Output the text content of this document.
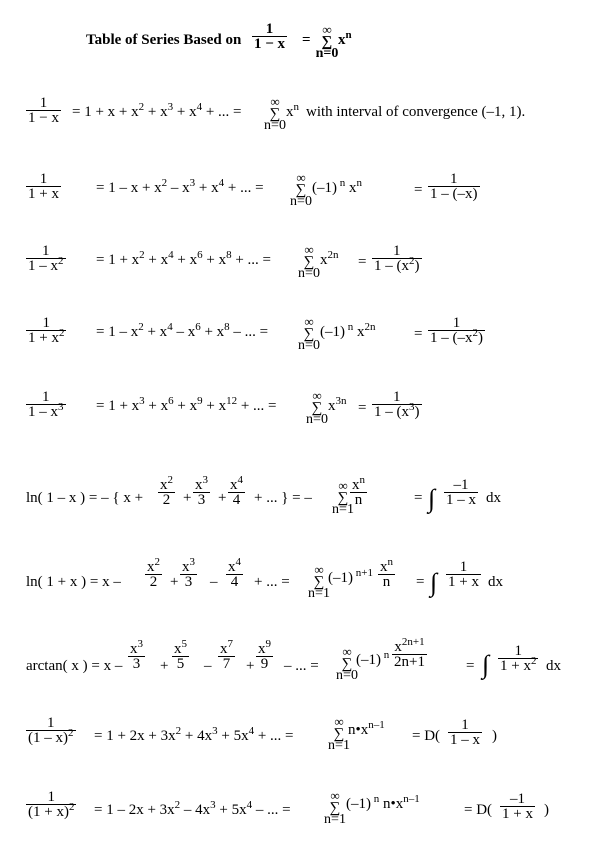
Table of Series Based on $\frac{1}{1 - x}$ =
∞
∑
n=0
$x^n$
$\frac{1}{1 - x} = 1 + x + x^2 + x^3 + x^4$ + ... =
∞
∑
n=0
$x^n$ with interval of convergence (–1, 1).
$\frac{1}{1 + x} = 1 - x + x^2 - x^3 + x^4$ + ... =
∞
∑
n=0
(–1) $^n$ $x^n$	= $\frac{1}{1 - (-x)}$
$\frac{1}{1 - x^2} = 1 + x^2 + x^4 + x^6 + x^8$ + ... =
∞
∑
n=0
$x^{2n} = \frac{1}{1 - (x^2)}$
$\frac{1}{1 + x^2} = 1 - x^2 + x^4 - x^6 + x^8$ – ... =
∞
∑
n=0
(–1) $^n$ $x^{2n}$	= $\frac{1}{1 - (-x^2)}$
$\frac{1}{1 - x^3} = 1 + x^3 + x^6 + x^9 + x^{12}$ + ... =
∞
∑
n=0
$x^{3n} = \frac{1}{1 - (x^3)}$
ln( 1 – x ) = – { $x + \frac{x^2}{2} + \frac{x^3}{3} + \frac{x^4}{4}$ + ... } = –
∞
∑
n=1
$\frac{x^n}{n}$	= ∫ $\frac{-1}{1 - x}$ dx
ln( 1 + x ) = $x - \frac{x^2}{2} + \frac{x^3}{3} - \frac{x^4}{4}$ + ... =
∞
∑
n=1
(–1) $^{n+1} \frac{x^n}{n}$ = ∫ $\frac{1}{1 + x}$ dx
arctan( x ) = $x - \frac{x^3}{3} + \frac{x^5}{5} - \frac{x^7}{7} + \frac{x^9}{9}$ – ... =
∞
∑
n=0
(–1) $^n \frac{x^{2n+1}}{2n+1}$	= ∫ $\frac{1}{1 + x^2}$ dx
$\frac{1}{(1 - x)^2} = 1 + 2x + 3x^2 + 4x^3 + 5x^4$ + ... =
∞
∑
n=1
$n•x^{n-1}$
= $D( \frac{1}{1 - x}$ )
$\frac{1}{(1 + x)^2} = 1 - 2x + 3x^2 - 4x^3 + 5x^4$ – ... =
∞
∑
n=1
(–1) $^n$ $n•x^{n-1}$
= $D( \frac{-1}{1 + x}$ )
